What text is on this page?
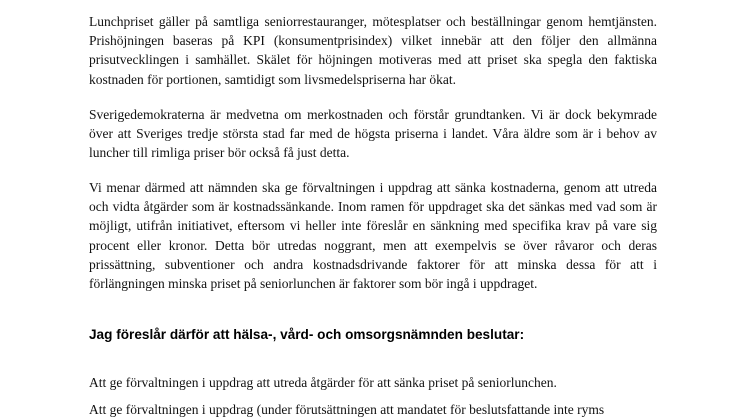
Lunchpriset gäller på samtliga seniorrestauranger, mötesplatser och beställningar genom hemtjänsten. Prishöjningen baseras på KPI (konsumentprisindex) vilket innebär att den följer den allmänna prisutvecklingen i samhället. Skälet för höjningen motiveras med att priset ska spegla den faktiska kostnaden för portionen, samtidigt som livsmedelspriserna har ökat.

Sverigedemokraterna är medvetna om merkostnaden och förstår grundtanken. Vi är dock bekymrade över att Sveriges tredje största stad far med de högsta priserna i landet. Våra äldre som är i behov av luncher till rimliga priser bör också få just detta.

Vi menar därmed att nämnden ska ge förvaltningen i uppdrag att sänka kostnaderna, genom att utreda och vidta åtgärder som är kostnadssänkande. Inom ramen för uppdraget ska det sänkas med vad som är möjligt, utifrån initiativet, eftersom vi heller inte föreslår en sänkning med specifika krav på vare sig procent eller kronor. Detta bör utredas noggrant, men att exempelvis se över råvaror och deras prissättning, subventioner och andra kostnadsdrivande faktorer för att minska dessa för att i förlängningen minska priset på seniorlunchen är faktorer som bör ingå i uppdraget.

Jag föreslår därför att hälsa-, vård- och omsorgsnämnden beslutar:

Att ge förvaltningen i uppdrag att utreda åtgärder för att sänka priset på seniorlunchen.

Att ge förvaltningen i uppdrag (under förutsättningen att mandatet för beslutsfattande inte ryms
